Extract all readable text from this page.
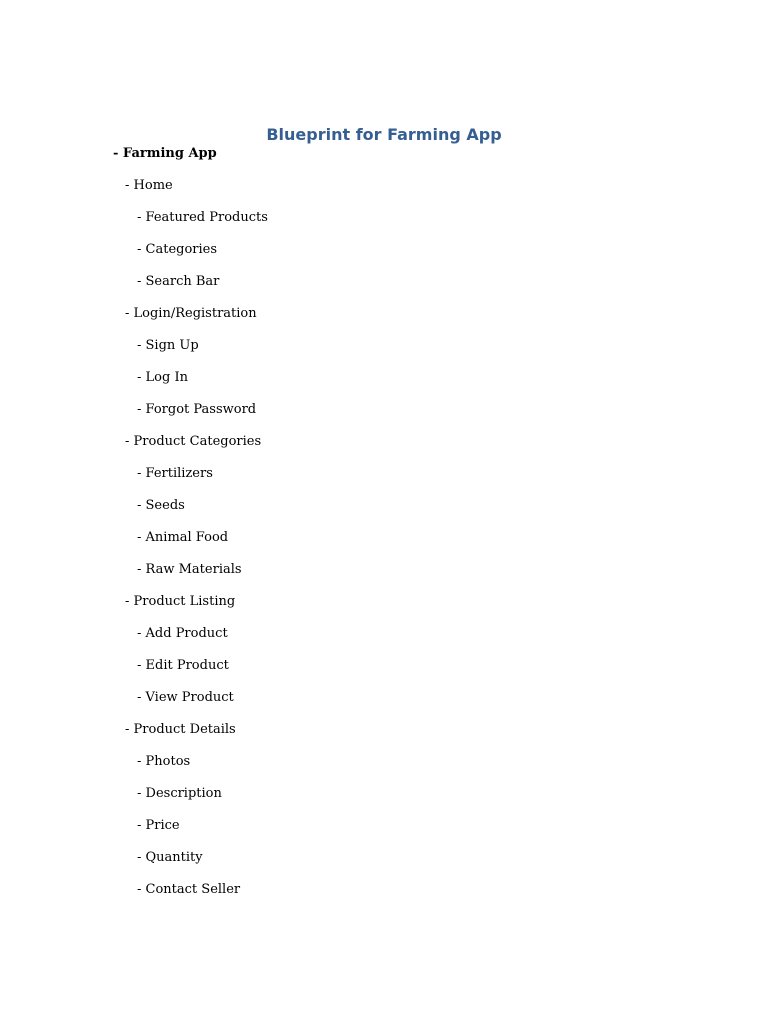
Blueprint for Farming App
- Farming App
- Home
- Featured Products
- Categories
- Search Bar
- Login/Registration
- Sign Up
- Log In
- Forgot Password
- Product Categories
- Fertilizers
- Seeds
- Animal Food
- Raw Materials
- Product Listing
- Add Product
- Edit Product
- View Product
- Product Details
- Photos
- Description
- Price
- Quantity
- Contact Seller
